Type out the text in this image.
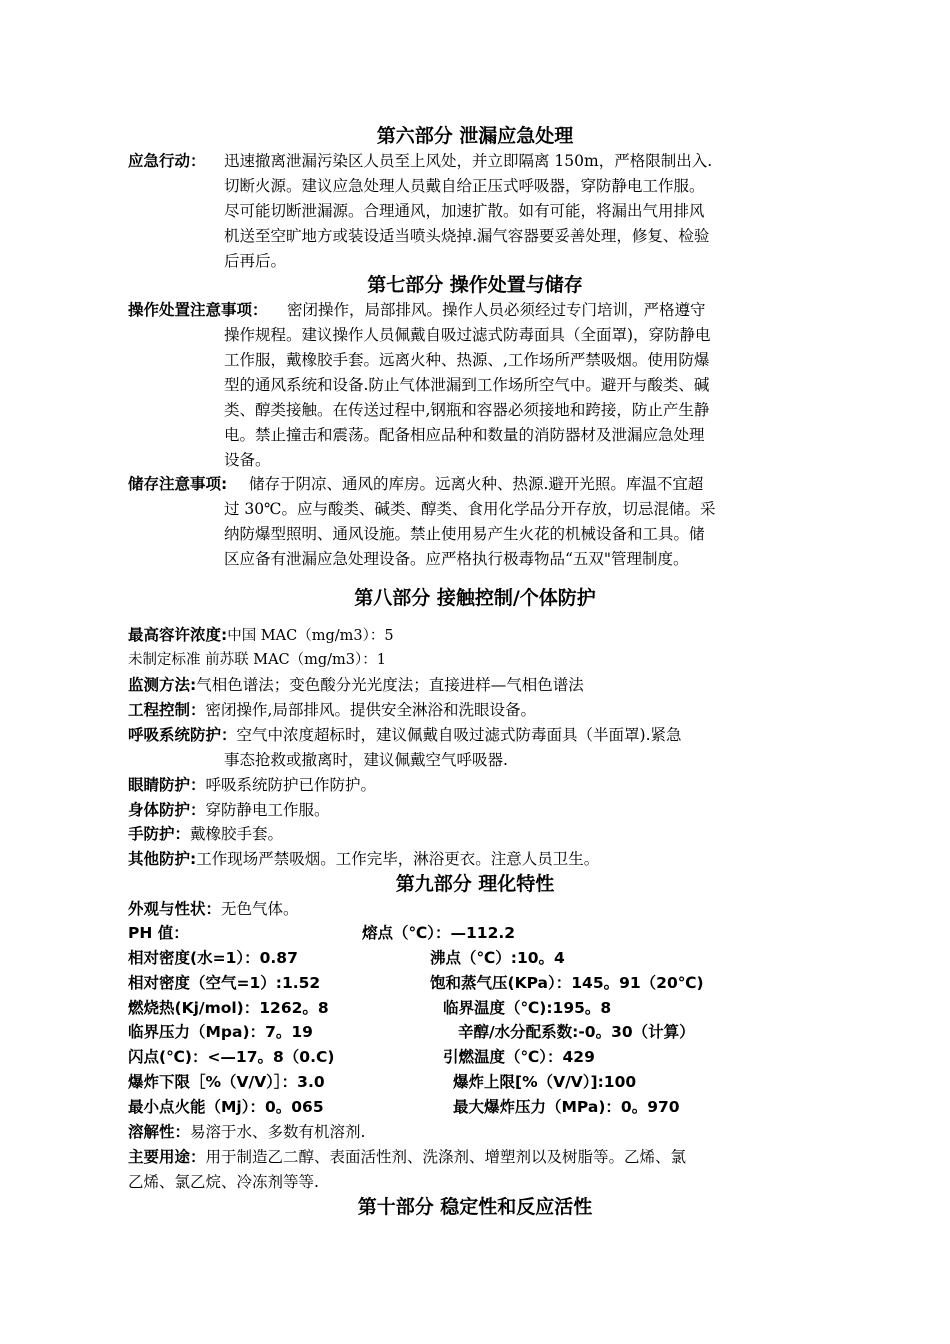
第六部分 泄漏应急处理
应急行动： 迅速撤离泄漏污染区人员至上风处，并立即隔离 150m，严格限制出入.
切断火源。建议应急处理人员戴自给正压式呼吸器，穿防静电工作服。
尽可能切断泄漏源。合理通风，加速扩散。如有可能，将漏出气用排风
机送至空旷地方或装设适当喷头烧掉.漏气容器要妥善处理，修复、检验
后再后。
第七部分 操作处置与储存
操作处置注意事项： 密闭操作，局部排风。操作人员必须经过专门培训，严格遵守
操作规程。建议操作人员佩戴自吸过滤式防毒面具（全面罩)，穿防静电
工作服，戴橡胶手套。远离火种、热源、,工作场所严禁吸烟。使用防爆
型的通风系统和设备.防止气体泄漏到工作场所空气中。避开与酸类、碱
类、醇类接触。在传送过程中,钢瓶和容器必须接地和跨接，防止产生静
电。禁止撞击和震荡。配备相应品种和数量的消防器材及泄漏应急处理
设备。
储存注意事项: 储存于阴凉、通风的库房。远离火种、热源.避开光照。库温不宜超
过 30℃。应与酸类、碱类、醇类、食用化学品分开存放，切忌混储。采
纳防爆型照明、通风设施。禁止使用易产生火花的机械设备和工具。储
区应备有泄漏应急处理设备。应严格执行极毒物品“五双"管理制度。
第八部分 接触控制/个体防护
最高容许浓度:中国 MAC（mg/m3）：5
未制定标准 前苏联 MAC（mg/m3）：1
监测方法:气相色谱法；变色酸分光光度法；直接进样—气相色谱法
工程控制：密闭操作,局部排风。提供安全淋浴和洗眼设备。
呼吸系统防护：空气中浓度超标时，建议佩戴自吸过滤式防毒面具（半面罩).紧急
事态抢救或撤离时，建议佩戴空气呼吸器.
眼睛防护：呼吸系统防护已作防护。
身体防护：穿防静电工作服。
手防护：戴橡胶手套。
其他防护:工作现场严禁吸烟。工作完毕，淋浴更衣。注意人员卫生。
第九部分 理化特性
外观与性状：无色气体。
PH 值：	熔点（℃）：—112.2
相对密度(水=1）：0.87	沸点（℃）:10。4
相对密度（空气=1）:1.52	饱和蒸气压(KPa）：145。91（20℃)
燃烧热(Kj/mol)：1262。8	临界温度（℃):195。8
临界压力（Mpa)：7。19	辛醇/水分配系数:-0。30（计算）
闪点(℃)：<—17。8（0.C)	引燃温度（℃）：429
爆炸下限［%（V/V）］：3.0	爆炸上限[%（V/V）]:100
最小点火能（Mj）：0。065	最大爆炸压力（MPa)：0。970
溶解性：易溶于水、多数有机溶剂.
主要用途：用于制造乙二醇、表面活性剂、洗涤剂、增塑剂以及树脂等。乙烯、氯
乙烯、氯乙烷、冷冻剂等等.
第十部分 稳定性和反应活性
